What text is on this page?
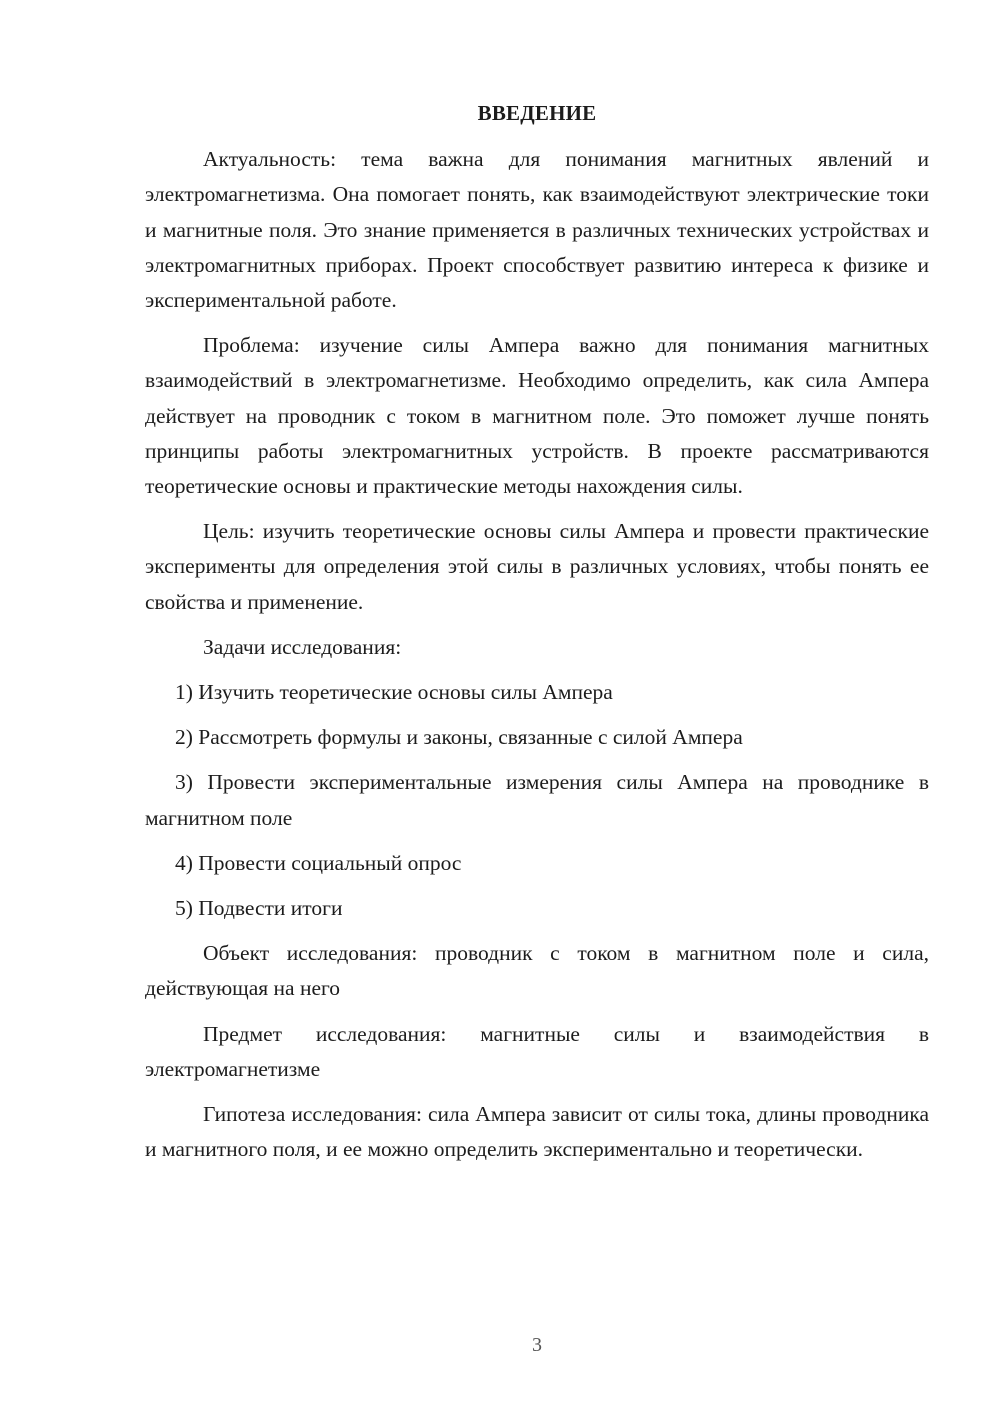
ВВЕДЕНИЕ

Актуальность: тема важна для понимания магнитных явлений и электромагнетизма. Она помогает понять, как взаимодействуют электрические токи и магнитные поля. Это знание применяется в различных технических устройствах и электромагнитных приборах. Проект способствует развитию интереса к физике и экспериментальной работе.

Проблема: изучение силы Ампера важно для понимания магнитных взаимодействий в электромагнетизме. Необходимо определить, как сила Ампера действует на проводник с током в магнитном поле. Это поможет лучше понять принципы работы электромагнитных устройств. В проекте рассматриваются теоретические основы и практические методы нахождения силы.

Цель: изучить теоретические основы силы Ампера и провести практические эксперименты для определения этой силы в различных условиях, чтобы понять ее свойства и применение.

Задачи исследования:

1) Изучить теоретические основы силы Ампера

2) Рассмотреть формулы и законы, связанные с силой Ампера

3) Провести экспериментальные измерения силы Ампера на проводнике в магнитном поле

4) Провести социальный опрос

5) Подвести итоги

Объект исследования: проводник с током в магнитном поле и сила, действующая на него

Предмет исследования: магнитные силы и взаимодействия в электромагнетизме

Гипотеза исследования: сила Ампера зависит от силы тока, длины проводника и магнитного поля, и ее можно определить экспериментально и теоретически.

3
